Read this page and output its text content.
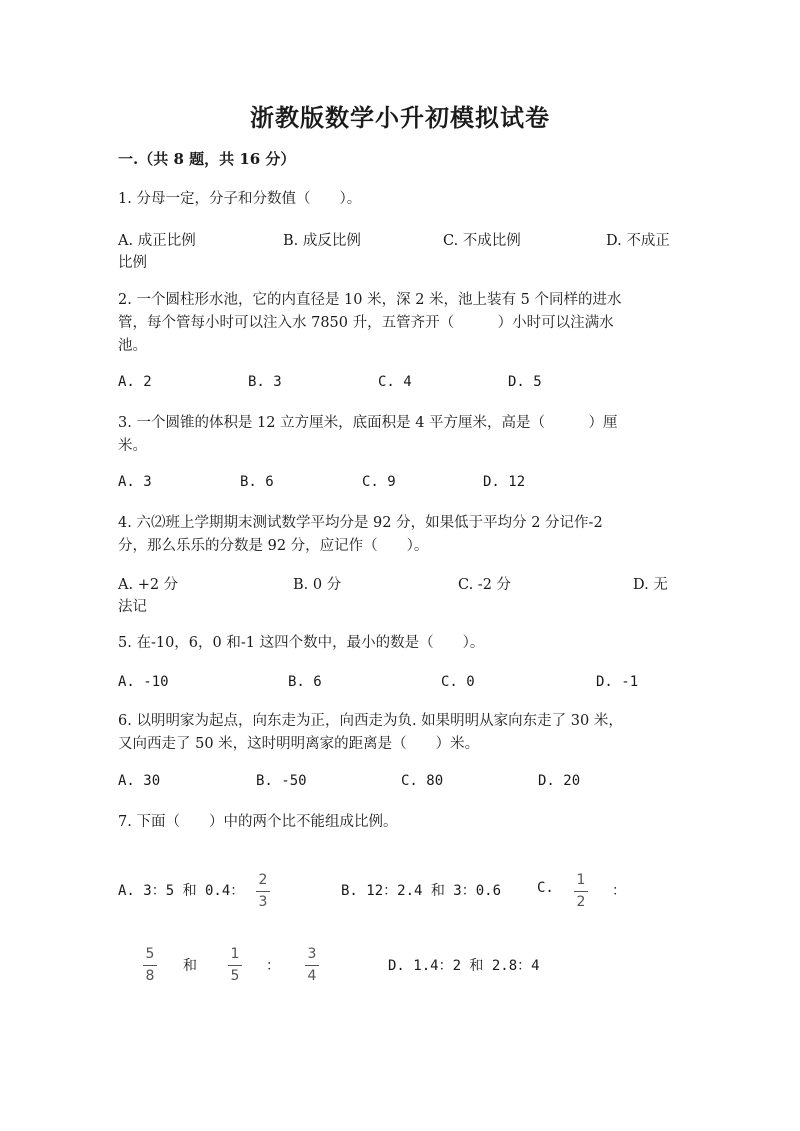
浙教版数学小升初模拟试卷
一.（共 8 题，共 16 分）
1. 分母一定，分子和分数值（　　）。
A. 成正比例	B. 成反比例	C. 不成比例	D. 不成正
比例
2. 一个圆柱形水池，它的内直径是 10 米，深 2 米，池上装有 5 个同样的进水
管，每个管每小时可以注入水 7850 升，五管齐开（　　　）小时可以注满水
池。
A. 2	B. 3	C. 4	D. 5
3. 一个圆锥的体积是 12 立方厘米，底面积是 4 平方厘米，高是（　　　）厘
米。
A. 3	B. 6	C. 9	D. 12
4. 六⑵班上学期期末测试数学平均分是 92 分，如果低于平均分 2 分记作-2
分，那么乐乐的分数是 92 分，应记作（　　）。
A. +2 分	B. 0 分	C. -2 分	D. 无
法记
5. 在-10，6，0 和-1 这四个数中，最小的数是（　　）。
A. -10	B. 6	C. 0	D. -1
6. 以明明家为起点，向东走为正，向西走为负. 如果明明从家向东走了 30 米，
又向西走了 50 米，这时明明离家的距离是（　　）米。
A. 30	B. -50	C. 80	D. 20
7. 下面（　　）中的两个比不能组成比例。
A. 3：5 和 0.4：
2
3
B. 12：2.4 和 3：0.6	C. 1
2
：
5
8
和
1
5
：
3
4
D. 1.4：2 和 2.8：4
